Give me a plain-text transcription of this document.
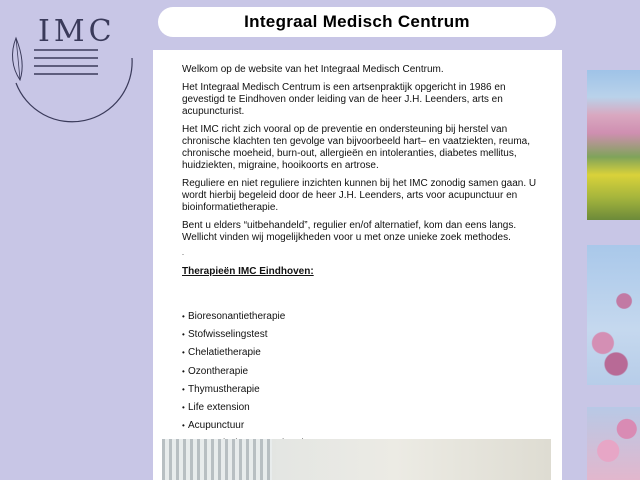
IMC	Integraal Medisch Centrum

Welkom op de website van het Integraal Medisch Centrum.

Het Integraal Medisch Centrum is een artsenpraktijk opgericht in 1986 en gevestigd te Eindhoven onder leiding van de heer J.H. Leenders, arts en acupuncturist.

Het IMC richt zich vooral op de preventie en ondersteuning bij herstel van chronische klachten ten gevolge van bijvoorbeeld hart– en vaatziekten, reuma, chronische moeheid, burn-out, allergieën en intoleranties, diabetes mellitus, huidziekten, migraine, hooikoorts en artrose.

Reguliere en niet reguliere inzichten kunnen bij het IMC zonodig samen gaan. U wordt hierbij begeleid door de heer J.H. Leenders, arts voor acupunctuur en bioinformatietherapie.

Bent u elders “uitbehandeld”, regulier en/of alternatief, kom dan eens langs. Wellicht vinden wij mogelijkheden voor u met onze unieke zoek methodes.

-
Therapieën IMC Eindhoven:
• Bioresonantietherapie
• Stofwisselingstest
• Chelatietherapie
• Ozontherapie
• Thymustherapie
• Life extension
• Acupunctuur
